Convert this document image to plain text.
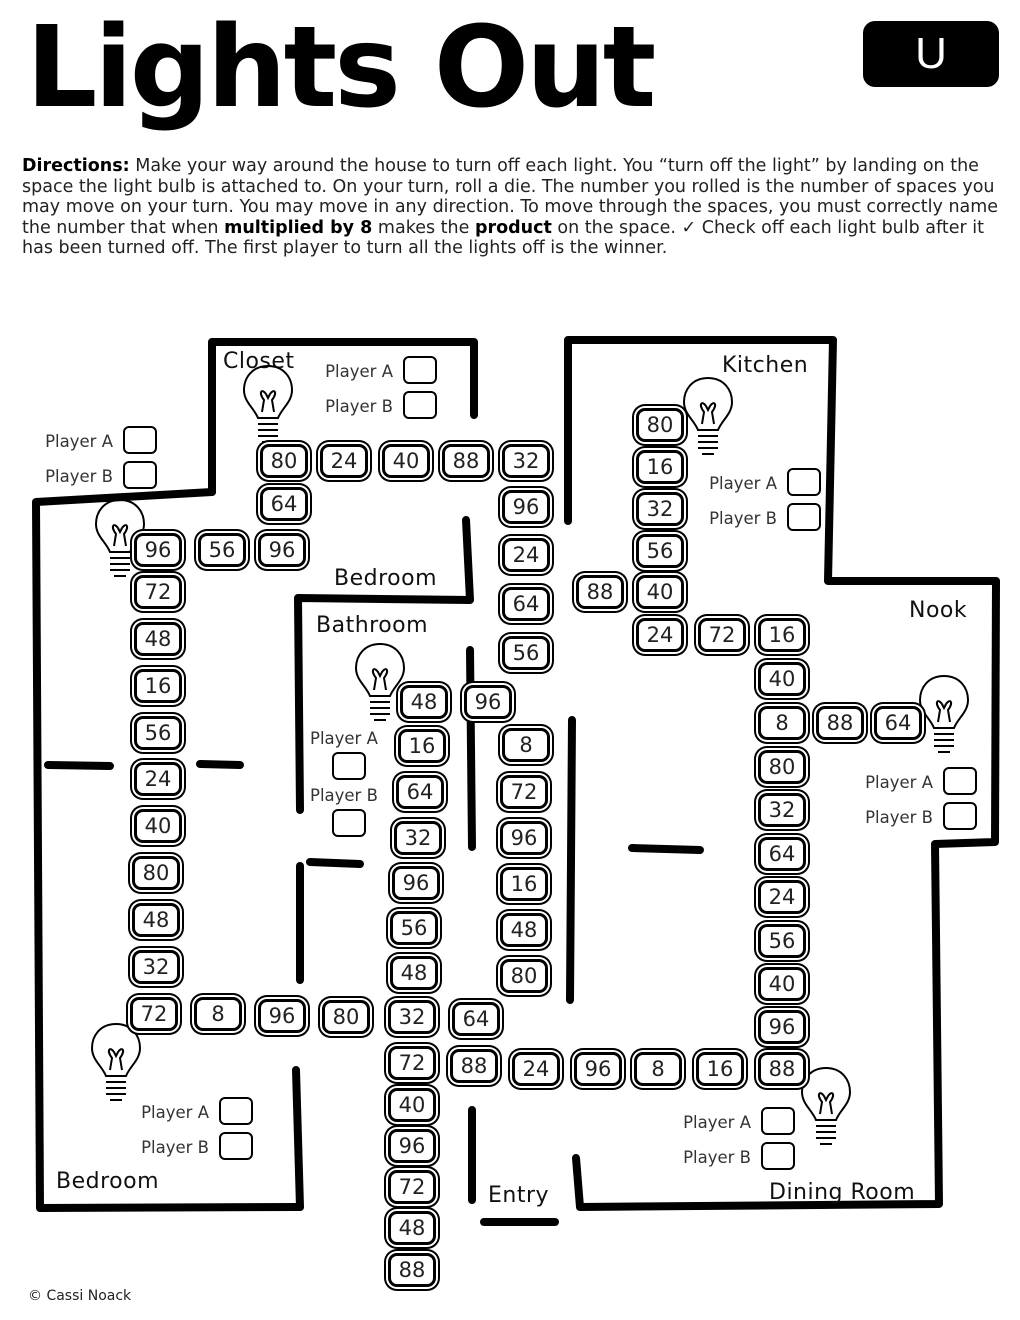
Lights Out	U
Directions: Make your way around the house to turn off each light. You “turn off the light” by landing on the space the light bulb is attached to. On your turn, roll a die. The number you rolled is the number of spaces you may move on your turn. You may move in any direction. To move through the spaces, you must correctly name the number that when multiplied by 8 makes the product on the space. ✓ Check off each light bulb after it has been turned off. The first player to turn all the lights off is the winner.
Closet	Kitchen
Bedroom
Bathroom
Nook
Bedroom
Entry	Dining Room
Player A
Player B
Player A
Player B	Player A
Player B
Player A
Player B
Player A
Player B
Player A
Player B
Player A
Player B
80	24	40	88	32
64	96
96	56	96	24
72	64
48
56
16
56
24
40
80
48
32
72	8	96	80	32	64
48	96
16	8
64	72
32	96
96	16
56	48
48	80
80
16
32
56
88	40
24	72	16
40
8	88	64
80
32
64
24
56
40
96
72	88	24	96	8	16	88
40
96
72
48
88
© Cassi Noack
